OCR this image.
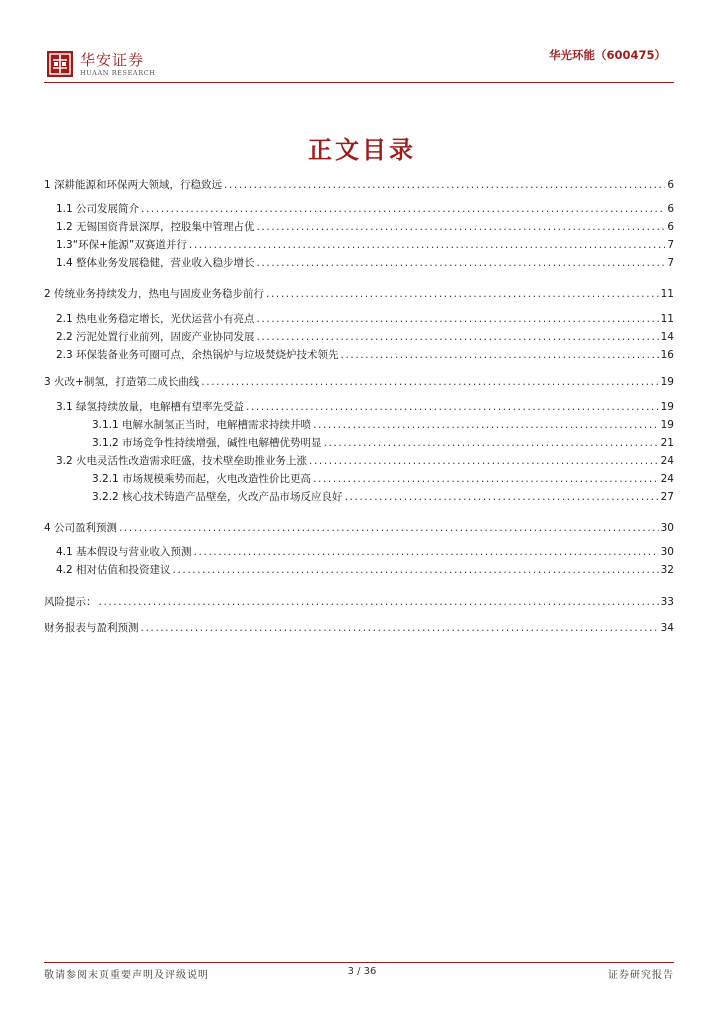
华安证券
HUAAN RESEARCH
华光环能（600475）
正文目录
1 深耕能源和环保两大领域，行稳致远 .....	6
1.1 公司发展简介 .....	6
1.2 无锡国资背景深厚，控股集中管理占优 .....	6
1.3“环保+能源”双赛道并行 .....	7
1.4 整体业务发展稳健，营业收入稳步增长 .....	7
2 传统业务持续发力，热电与固废业务稳步前行 .....	11
2.1 热电业务稳定增长，光伏运营小有亮点 .....	11
2.2 污泥处置行业前列，固废产业协同发展 .....	14
2.3 环保装备业务可圈可点，余热锅炉与垃圾焚烧炉技术领先 .....	16
3 火改+制氢，打造第二成长曲线 .....	19
3.1 绿氢持续放量，电解槽有望率先受益 .....	19
3.1.1 电解水制氢正当时，电解槽需求持续井喷 .....	19
3.1.2 市场竞争性持续增强，碱性电解槽优势明显 .....	21
3.2 火电灵活性改造需求旺盛，技术壁垒助推业务上涨 .....	24
3.2.1 市场规模乘势而起，火电改造性价比更高 .....	24
3.2.2 核心技术铸造产品壁垒，火改产品市场反应良好 .....	27
4 公司盈利预测 .....	30
4.1 基本假设与营业收入预测 .....	30
4.2 相对估值和投资建议 .....	32
风险提示： .....	33
财务报表与盈利预测 .....	34
敬请参阅末页重要声明及评级说明	3 / 36	证券研究报告
